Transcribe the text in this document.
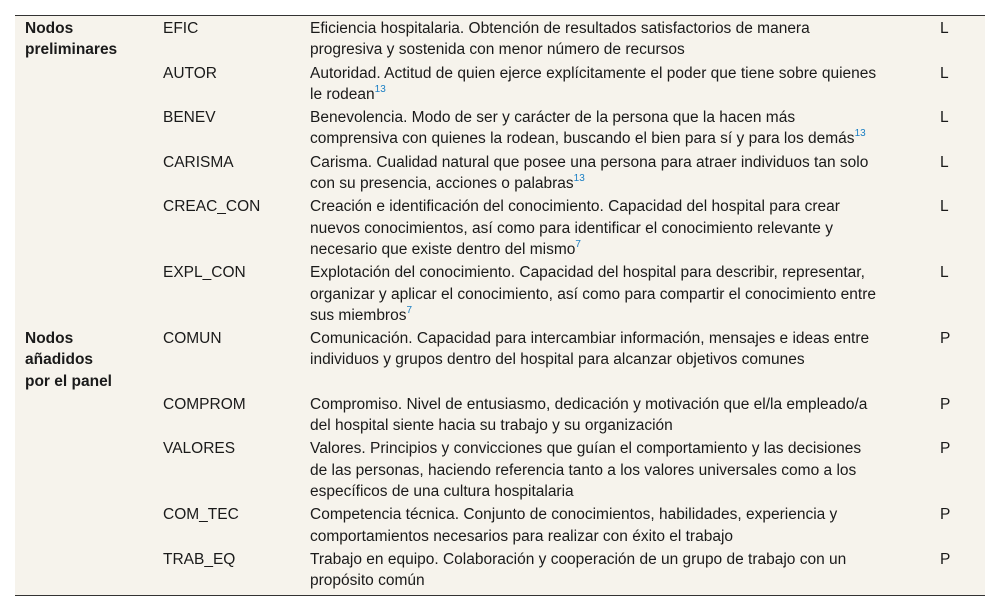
Nodos
preliminares	EFIC	Eficiencia hospitalaria. Obtención de resultados satisfactorios de manera
progresiva y sostenida con menor número de recursos	L
	AUTOR	Autoridad. Actitud de quien ejerce explícitamente el poder que tiene sobre quienes
le rodean$^{13}$	L
	BENEV	Benevolencia. Modo de ser y carácter de la persona que la hacen más
comprensiva con quienes la rodean, buscando el bien para sí y para los demás$^{13}$	L
	CARISMA	Carisma. Cualidad natural que posee una persona para atraer individuos tan solo
con su presencia, acciones o palabras$^{13}$	L
	CREAC_CON	Creación e identificación del conocimiento. Capacidad del hospital para crear
nuevos conocimientos, así como para identificar el conocimiento relevante y
necesario que existe dentro del mismo$^7$	L
	EXPL_CON	Explotación del conocimiento. Capacidad del hospital para describir, representar,
organizar y aplicar el conocimiento, así como para compartir el conocimiento entre
sus miembros$^7$	L

Nodos
añadidos
por el panel	COMUN	Comunicación. Capacidad para intercambiar información, mensajes e ideas entre
individuos y grupos dentro del hospital para alcanzar objetivos comunes	P
	COMPROM	Compromiso. Nivel de entusiasmo, dedicación y motivación que el/la empleado/a
del hospital siente hacia su trabajo y su organización	P
	VALORES	Valores. Principios y convicciones que guían el comportamiento y las decisiones
de las personas, haciendo referencia tanto a los valores universales como a los
específicos de una cultura hospitalaria	P
	COM_TEC	Competencia técnica. Conjunto de conocimientos, habilidades, experiencia y
comportamientos necesarios para realizar con éxito el trabajo	P
	TRAB_EQ	Trabajo en equipo. Colaboración y cooperación de un grupo de trabajo con un
propósito común	P
